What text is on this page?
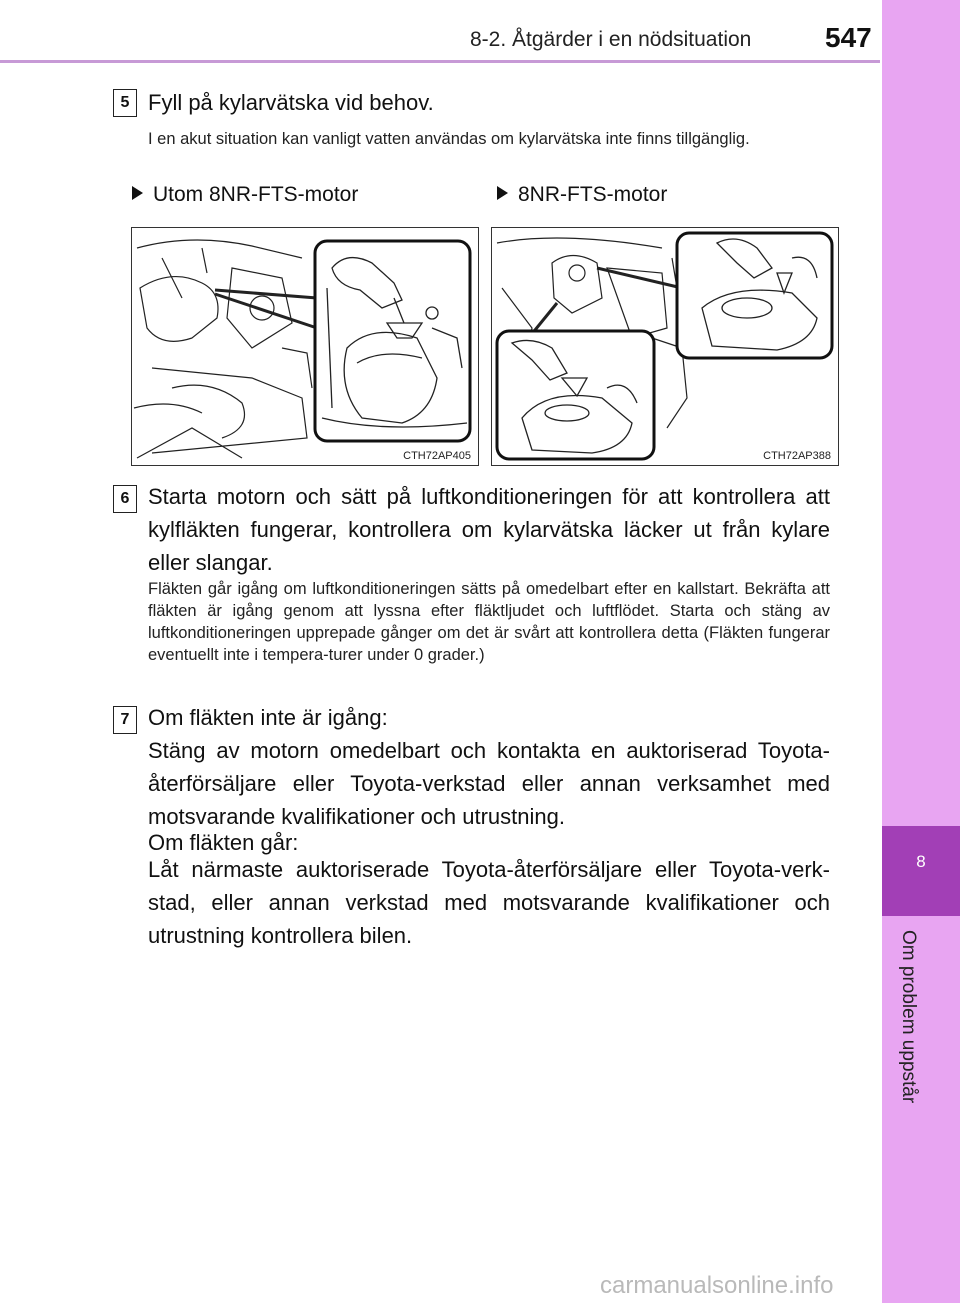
8-2. Åtgärder i en nödsituation	547
8
Om problem uppstår
5 Fyll på kylarvätska vid behov.
I en akut situation kan vanligt vatten användas om kylarvätska inte finns tillgänglig.
Utom 8NR-FTS-motor	8NR-FTS-motor
CTH72AP405	CTH72AP388
6 Starta motorn och sätt på luftkonditioneringen för att kontrollera att kylfläkten fungerar, kontrollera om kylarvätska läcker ut från kylare eller slangar.
Fläkten går igång om luftkonditioneringen sätts på omedelbart efter en kallstart. Bekräfta att fläkten är igång genom att lyssna efter fläktljudet och luftflödet. Starta och stäng av luftkonditioneringen upprepade gånger om det är svårt att kontrollera detta (Fläkten fungerar eventuellt inte i tempera-turer under 0 grader.)
7 Om fläkten inte är igång:
Stäng av motorn omedelbart och kontakta en auktoriserad Toyota-återförsäljare eller Toyota-verkstad eller annan verksamhet med motsvarande kvalifikationer och utrustning.
Om fläkten går:
Låt närmaste auktoriserade Toyota-återförsäljare eller Toyota-verk-stad, eller annan verkstad med motsvarande kvalifikationer och utrustning kontrollera bilen.
carmanualsonline.info
